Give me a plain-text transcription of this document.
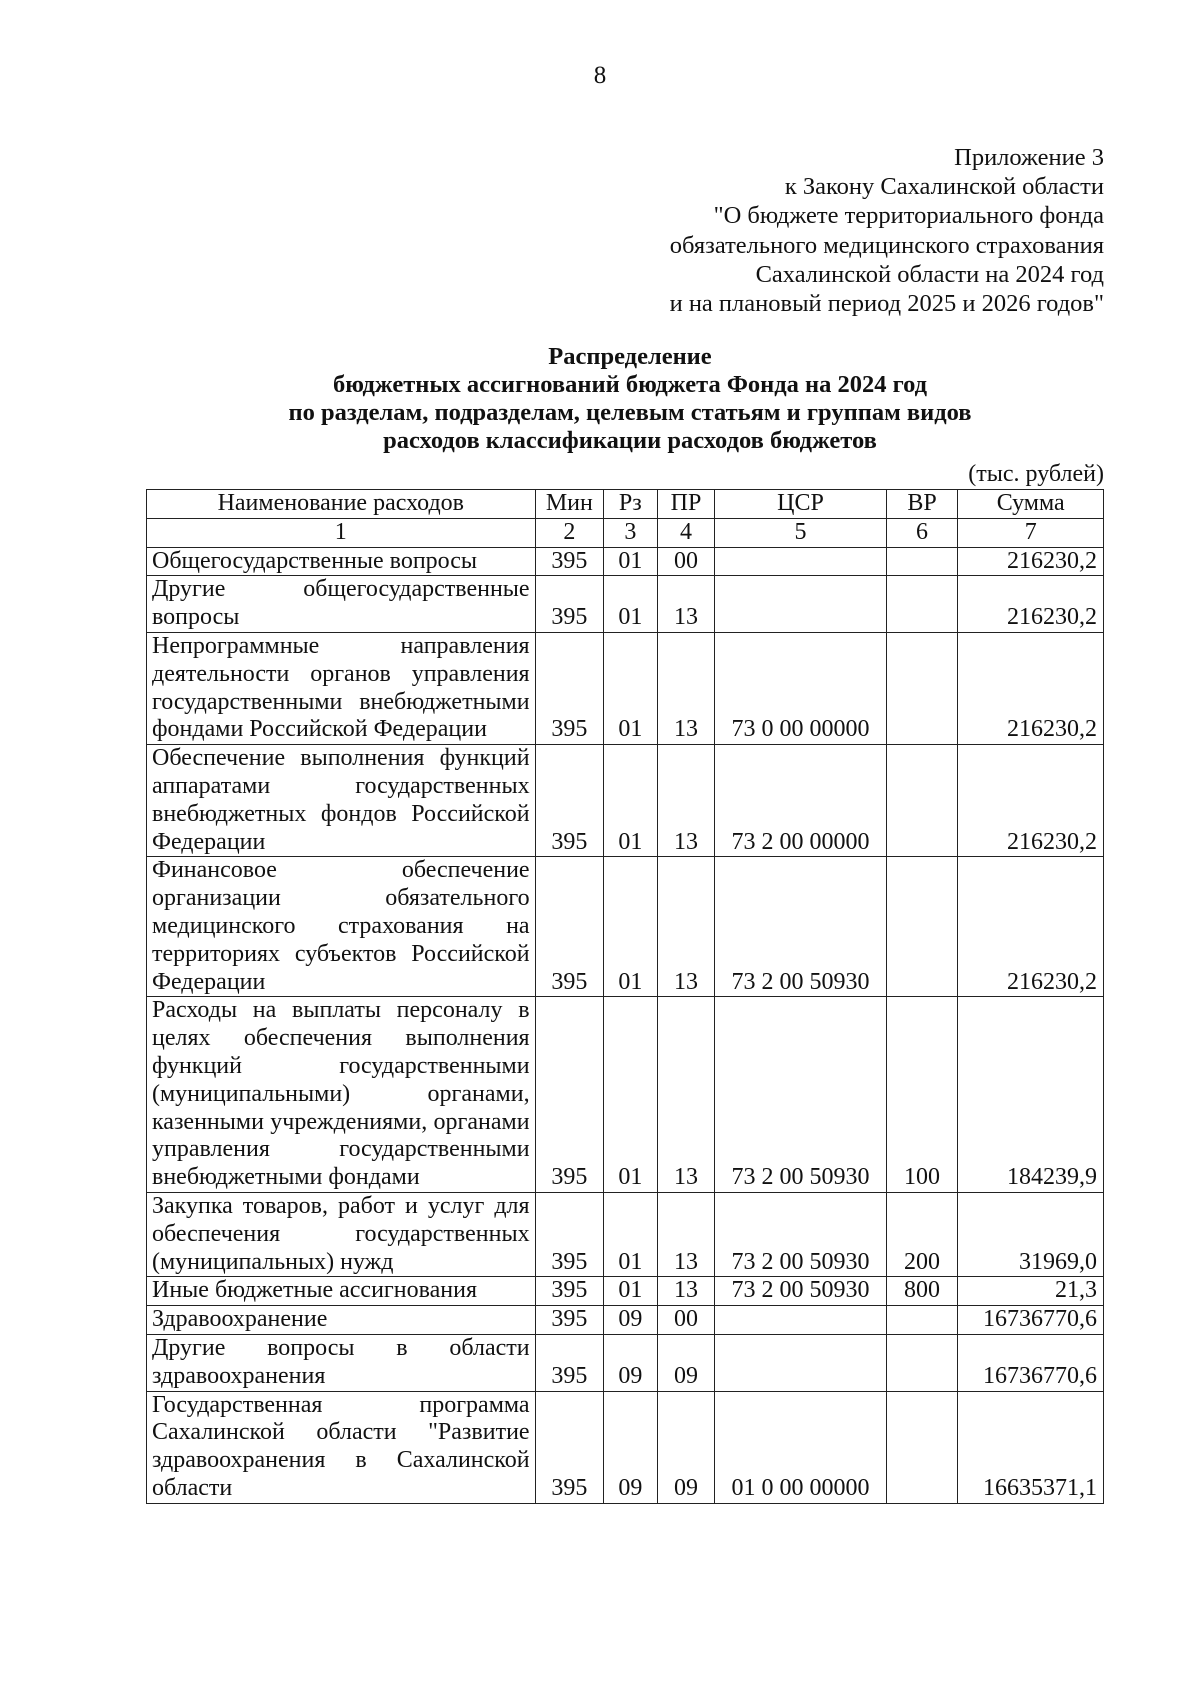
8
Приложение 3
к Закону Сахалинской области
"О бюджете территориального фонда
обязательного медицинского страхования
Сахалинской области на 2024 год
и на плановый период 2025 и 2026 годов"
Распределение
бюджетных ассигнований бюджета Фонда на 2024 год
по разделам, подразделам, целевым статьям и группам видов
расходов классификации расходов бюджетов
(тыс. рублей)
Наименование расходов	Мин	Рз	ПР	ЦСР	ВР	Сумма
1	2	3	4	5	6	7
Общегосударственные вопросы	395	01	00			216230,2
Другие общегосударственные вопросы	395	01	13			216230,2
Непрограммные направления деятельности органов управления государственными внебюджетными фондами Российской Федерации	395	01	13	73 0 00 00000		216230,2
Обеспечение выполнения функций аппаратами государственных внебюджетных фондов Российской Федерации	395	01	13	73 2 00 00000		216230,2
Финансовое обеспечение организации обязательного медицинского страхования на территориях субъектов Российской Федерации	395	01	13	73 2 00 50930		216230,2
Расходы на выплаты персоналу в целях обеспечения выполнения функций государственными (муниципальными) органами, казенными учреждениями, органами управления государственными внебюджетными фондами	395	01	13	73 2 00 50930	100	184239,9
Закупка товаров, работ и услуг для обеспечения государственных (муниципальных) нужд	395	01	13	73 2 00 50930	200	31969,0
Иные бюджетные ассигнования	395	01	13	73 2 00 50930	800	21,3
Здравоохранение	395	09	00			16736770,6
Другие вопросы в области здравоохранения	395	09	09			16736770,6
Государственная программа Сахалинской области "Развитие здравоохранения в Сахалинской области	395	09	09	01 0 00 00000		16635371,1
